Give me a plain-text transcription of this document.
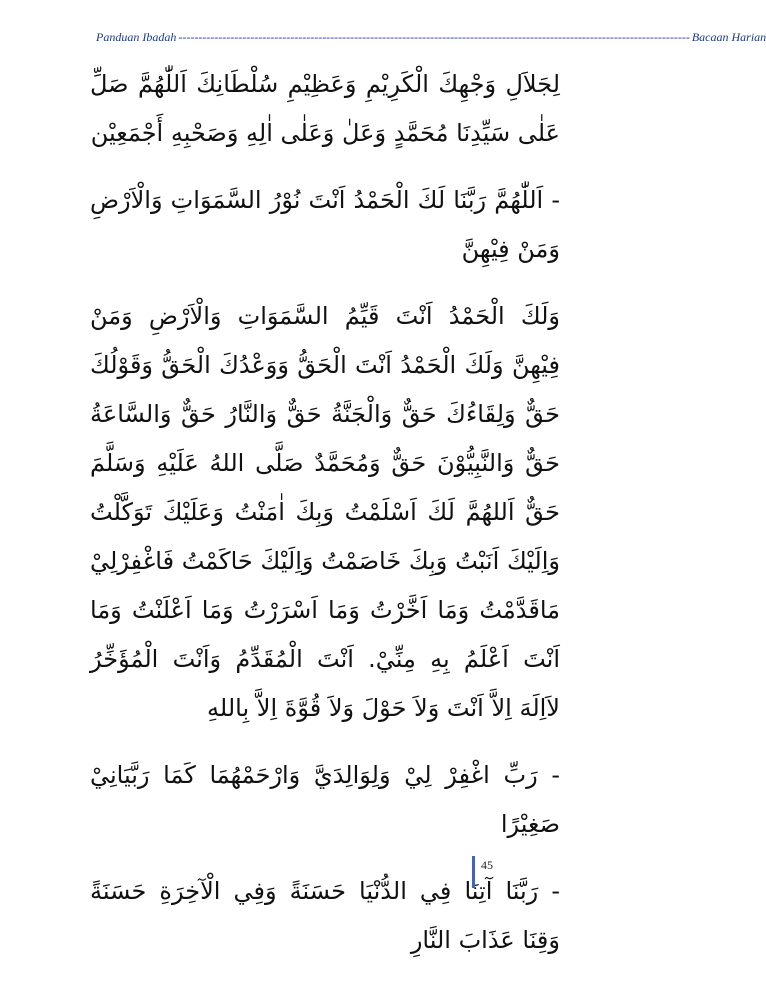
Panduan Ibadah -------------------------------------------------------------------------------------------------------------------------------- Bacaan Harian

لِجَلاَلِ وَجْهِكَ الْكَرِيْمِ وَعَظِيْمِ سُلْطَانِكَ اَللّٰهُمَّ صَلِّ عَلٰى سَيِّدِنَا مُحَمَّدٍ وَعَلٰ وَعَلٰى اٰلِهِ وَصَحْبِهِ أَجْمَعِيْن

- اَللّٰهُمَّ رَبَّنَا لَكَ الْحَمْدُ اَنْتَ نُوْرُ السَّمَوَاتِ وَالْاَرْضِ وَمَنْ فِيْهِنَّ

وَلَكَ الْحَمْدُ اَنْتَ قَيِّمُ السَّمَوَاتِ وَالْاَرْضِ وَمَنْ فِيْهِنَّ وَلَكَ الْحَمْدُ اَنْتَ الْحَقُّ وَوَعْدُكَ الْحَقُّ وَقَوْلُكَ حَقٌّ وَلِقَاءُكَ حَقٌّ وَالْجَنَّةُ حَقٌّ وَالنَّارُ حَقٌّ وَالسَّاعَةُ حَقٌّ وَالنَّبِيُّوْنَ حَقٌّ وَمُحَمَّدٌ صَلَّى اللهُ عَلَيْهِ وَسَلَّمَ حَقٌّ اَللهُمَّ لَكَ اَسْلَمْتُ وَبِكَ اٰمَنْتُ وَعَلَيْكَ تَوَكَّلْتُ وَاِلَيْكَ اَنَبْتُ وَبِكَ خَاصَمْتُ وَاِلَيْكَ حَاكَمْتُ فَاغْفِرْلِيْ مَاقَدَّمْتُ وَمَا اَخَّرْتُ وَمَا اَسْرَرْتُ وَمَا اَعْلَنْتُ وَمَا اَنْتَ اَعْلَمُ بِهِ مِنِّيْ. اَنْتَ الْمُقَدِّمُ وَاَنْتَ الْمُؤَخِّرُ لاَاِلَهَ اِلاَّ اَنْتَ وَلاَ حَوْلَ وَلاَ قُوَّةَ اِلاَّ بِاللهِ

- رَبِّ اغْفِرْ لِيْ وَلِوَالِدَيَّ وَارْحَمْهُمَا كَمَا رَبَّيَانِيْ صَغِيْرًا

- رَبَّنَا آتِنَا فِي الدُّنْيَا حَسَنَةً وَفِي الْآخِرَةِ حَسَنَةً وَقِنَا عَذَابَ النَّارِ

45
